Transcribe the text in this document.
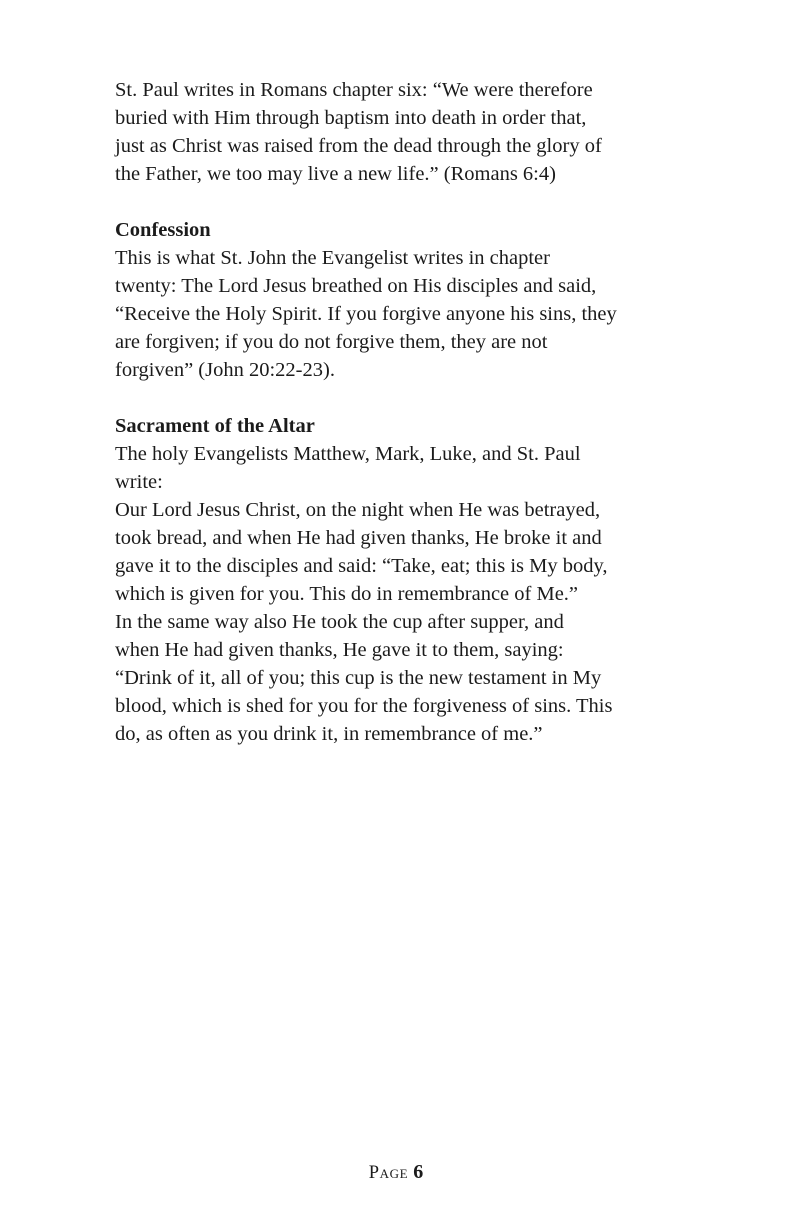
St. Paul writes in Romans chapter six: “We were therefore
buried with Him through baptism into death in order that,
just as Christ was raised from the dead through the glory of
the Father, we too may live a new life.” (Romans 6:4)

Confession

This is what St. John the Evangelist writes in chapter
twenty: The Lord Jesus breathed on His disciples and said,
“Receive the Holy Spirit. If you forgive anyone his sins, they
are forgiven; if you do not forgive them, they are not
forgiven” (John 20:22-23).

Sacrament of the Altar

The holy Evangelists Matthew, Mark, Luke, and St. Paul
write:

Our Lord Jesus Christ, on the night when He was betrayed,
took bread, and when He had given thanks, He broke it and
gave it to the disciples and said: “Take, eat; this is My body,
which is given for you. This do in remembrance of Me.”

In the same way also He took the cup after supper, and
when He had given thanks, He gave it to them, saying:
“Drink of it, all of you; this cup is the new testament in My
blood, which is shed for you for the forgiveness of sins. This
do, as often as you drink it, in remembrance of me.”

Page 6
